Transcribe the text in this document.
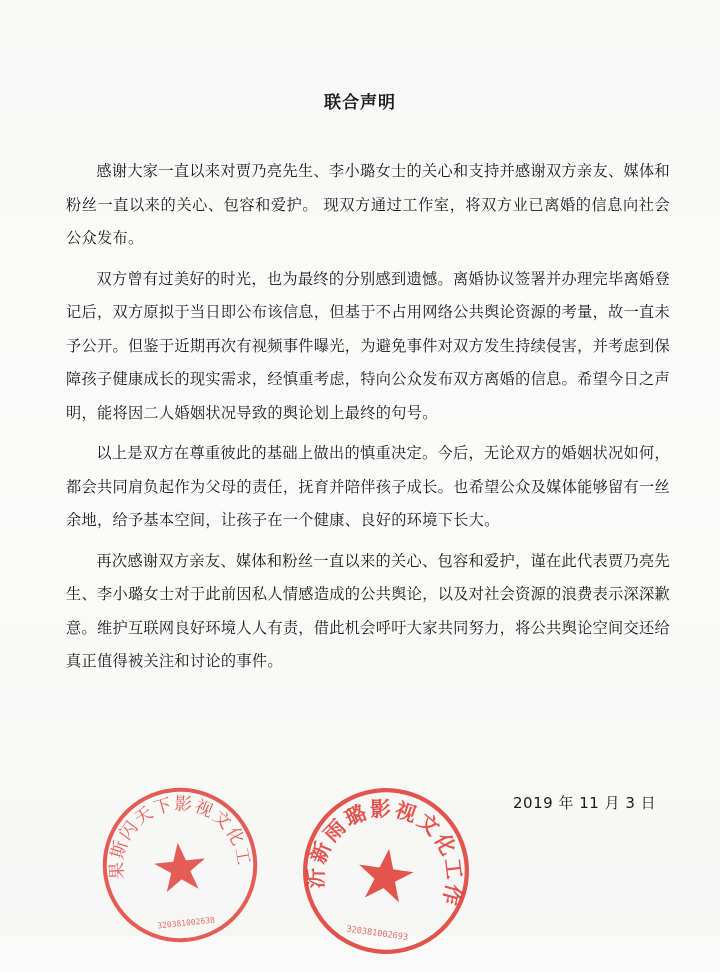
联合声明

感谢大家一直以来对贾乃亮先生、李小璐女士的关心和支持并感谢双方亲友、媒体和粉丝一直以来的关心、包容和爱护。 现双方通过工作室，将双方业已离婚的信息向社会公众发布。

双方曾有过美好的时光，也为最终的分别感到遗憾。离婚协议签署并办理完毕离婚登记后，双方原拟于当日即公布该信息，但基于不占用网络公共舆论资源的考量，故一直未予公开。但鉴于近期再次有视频事件曝光，为避免事件对双方发生持续侵害，并考虑到保障孩子健康成长的现实需求，经慎重考虑，特向公众发布双方离婚的信息。希望今日之声明，能将因二人婚姻状况导致的舆论划上最终的句号。

以上是双方在尊重彼此的基础上做出的慎重决定。今后，无论双方的婚姻状况如何，都会共同肩负起作为父母的责任，抚育并陪伴孩子成长。也希望公众及媒体能够留有一丝余地，给予基本空间，让孩子在一个健康、良好的环境下长大。

再次感谢双方亲友、媒体和粉丝一直以来的关心、包容和爱护，谨在此代表贾乃亮先生、李小璐女士对于此前因私人情感造成的公共舆论，以及对社会资源的浪费表示深深歉意。维护互联网良好环境人人有责，借此机会呼吁大家共同努力，将公共舆论空间交还给真正值得被关注和讨论的事件。

2019 年 11 月 3 日
霍尔果斯闪天下影视文化工作室
320381002638
新沂新雨璐影视文化工作室
320381002693
